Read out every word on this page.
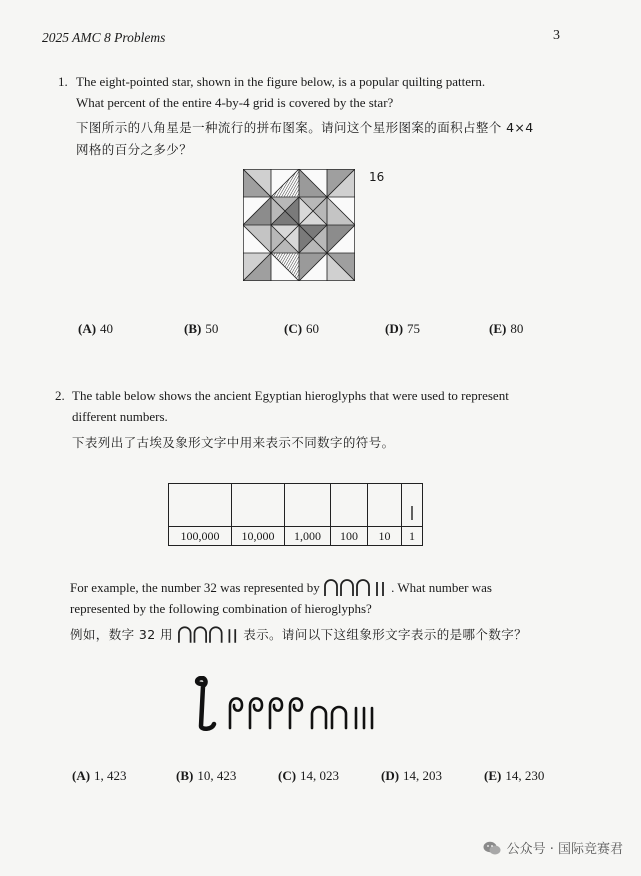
2025 AMC 8 Problems	3
1. The eight-pointed star, shown in the figure below, is a popular quilting pattern.
What percent of the entire 4-by-4 grid is covered by the star?
下图所示的八角星是一种流行的拼布图案。请问这个星形图案的面积占整个 4×4
网格的百分之多少？
16
(A) 40	(B) 50	(C) 60	(D) 75	(E) 80
2. The table below shows the ancient Egyptian hieroglyphs that were used to represent
different numbers.
下表列出了古埃及象形文字中用来表示不同数字的符号。

100,000	10,000	1,000	100	10	1
For example, the number 32 was represented by	. What number was
represented by the following combination of hieroglyphs?
例如，数字 32 用	表示。请问以下这组象形文字表示的是哪个数字？
(A) 1, 423	(B) 10, 423	(C) 14, 023	(D) 14, 203	(E) 14, 230
公众号 · 国际竞赛君
